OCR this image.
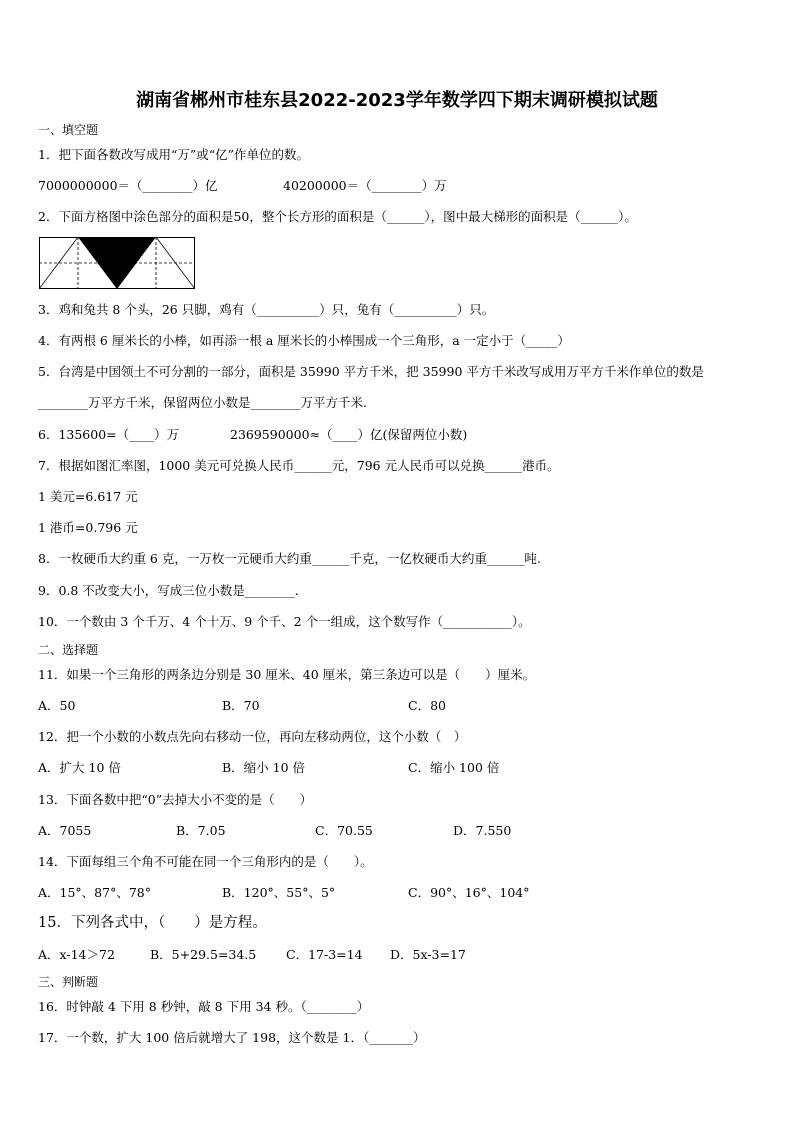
湖南省郴州市桂东县2022-2023学年数学四下期末调研模拟试题
一、填空题
1．把下面各数改写成用“万”或“亿”作单位的数。
7000000000＝（________）亿	40200000＝（________）万
2．下面方格图中涂色部分的面积是50，整个长方形的面积是（______），图中最大梯形的面积是（______）。
3．鸡和兔共 8 个头，26 只脚，鸡有（__________）只，兔有（__________）只。
4．有两根 6 厘米长的小棒，如再添一根 a 厘米长的小棒围成一个三角形，a 一定小于（_____）
5．台湾是中国领土不可分割的一部分，面积是 35990 平方千米，把 35990 平方千米改写成用万平方千米作单位的数是
________万平方千米，保留两位小数是________万平方千米.
6．135600=（____）万	2369590000≈（____）亿(保留两位小数)
7．根据如图汇率图，1000 美元可兑换人民币______元，796 元人民币可以兑换______港币。
1 美元=6.617 元
1 港币=0.796 元
8．一枚硬币大约重 6 克，一万枚一元硬币大约重______千克，一亿枚硬币大约重______吨.
9．0.8 不改变大小，写成三位小数是________.
10．一个数由 3 个千万、4 个十万、9 个千、2 个一组成，这个数写作（___________）。
二、选择题
11．如果一个三角形的两条边分别是 30 厘米、40 厘米，第三条边可以是（　　）厘米。
A．50	B．70	C．80
12．把一个小数的小数点先向右移动一位，再向左移动两位，这个小数（　）
A．扩大 10 倍	B．缩小 10 倍	C．缩小 100 倍
13．下面各数中把“0”去掉大小不变的是（　　）
A．7055	B．7.05	C．70.55	D．7.550
14．下面每组三个角不可能在同一个三角形内的是（　　）。
A．15°、87°、78°	B．120°、55°、5°	C．90°、16°、104°
15．下列各式中，（　　）是方程。
A．x-14＞72	B．5+29.5=34.5 C．17-3=14 D．5x-3=17
三、判断题
16．时钟敲 4 下用 8 秒钟，敲 8 下用 34 秒。（________）
17．一个数，扩大 100 倍后就增大了 198，这个数是 1．（_______）
